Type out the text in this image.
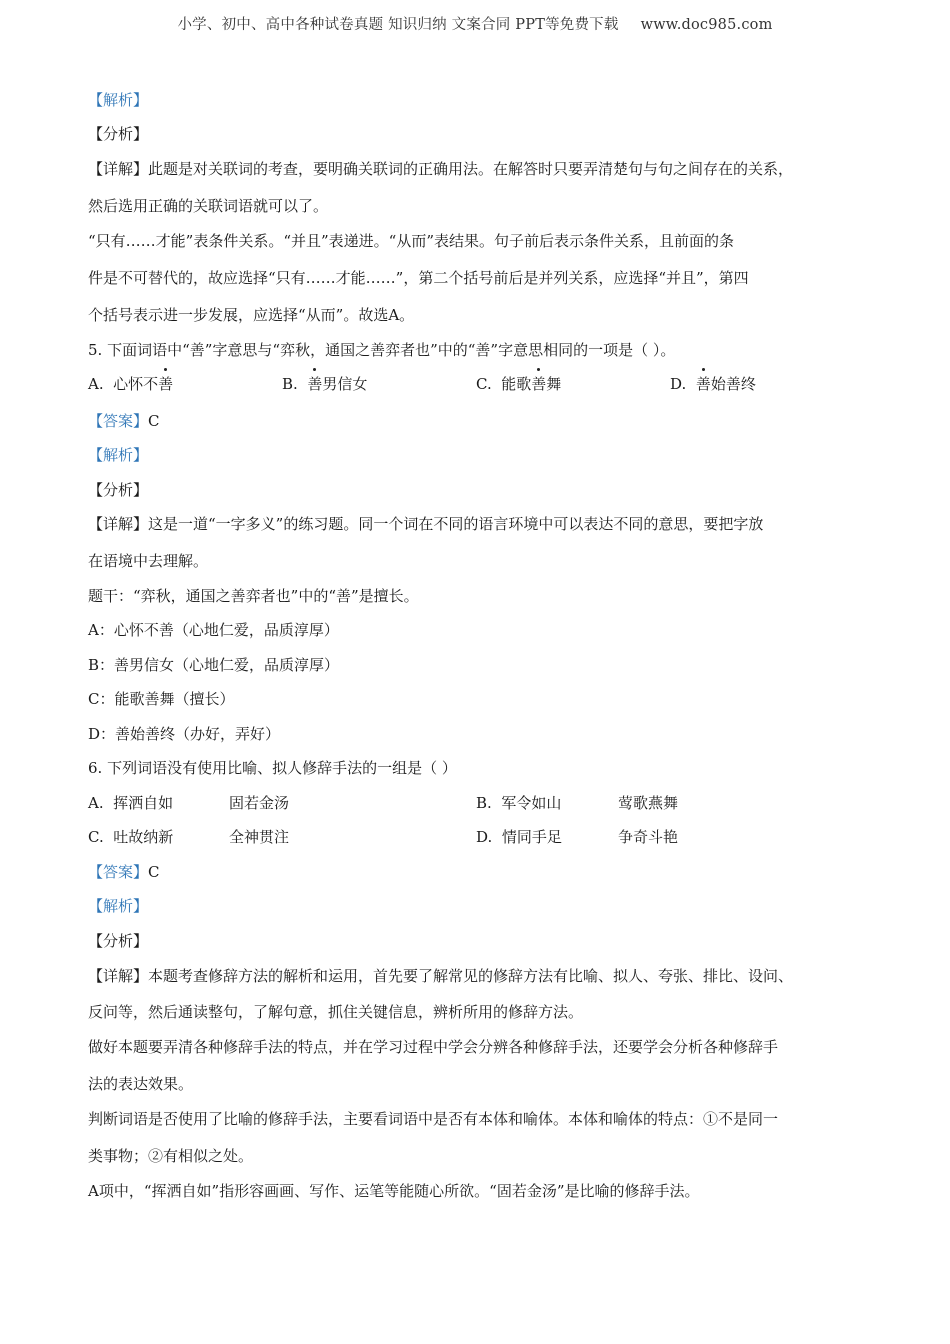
小学、初中、高中各种试卷真题 知识归纳 文案合同 PPT等免费下载 www.doc985.com
【解析】
【分析】
【详解】此题是对关联词的考查，要明确关联词的正确用法。在解答时只要弄清楚句与句之间存在的关系，
然后选用正确的关联词语就可以了。
“只有……才能”表条件关系。“并且”表递进。“从而”表结果。句子前后表示条件关系，且前面的条
件是不可替代的，故应选择“只有……才能……”，第二个括号前后是并列关系，应选择“并且”，第四
个括号表示进一步发展，应选择“从而”。故选A。
5. 下面词语中“善”字意思与“弈秋，通国之善弈者也”中的“善”字意思相同的一项是（ ）。
A. 心怀不善	B. 善男信女	C. 能歌善舞	D. 善始善终
【答案】C
【解析】
【分析】
【详解】这是一道“一字多义”的练习题。同一个词在不同的语言环境中可以表达不同的意思，要把字放
在语境中去理解。
题干：“弈秋，通国之善弈者也”中的“善”是擅长。
A：心怀不善（心地仁爱，品质淳厚）
B：善男信女（心地仁爱，品质淳厚）
C：能歌善舞（擅长）
D：善始善终（办好，弄好）
6. 下列词语没有使用比喻、拟人修辞手法的一组是（ ）
A. 挥洒自如	固若金汤	B. 军令如山	莺歌燕舞
C. 吐故纳新	全神贯注	D. 情同手足	争奇斗艳
【答案】C
【解析】
【分析】
【详解】本题考查修辞方法的解析和运用，首先要了解常见的修辞方法有比喻、拟人、夸张、排比、设问、
反问等，然后通读整句，了解句意，抓住关键信息，辨析所用的修辞方法。
做好本题要弄清各种修辞手法的特点，并在学习过程中学会分辨各种修辞手法，还要学会分析各种修辞手
法的表达效果。
判断词语是否使用了比喻的修辞手法，主要看词语中是否有本体和喻体。本体和喻体的特点：①不是同一
类事物；②有相似之处。
A项中，“挥洒自如”指形容画画、写作、运笔等能随心所欲。“固若金汤”是比喻的修辞手法。
